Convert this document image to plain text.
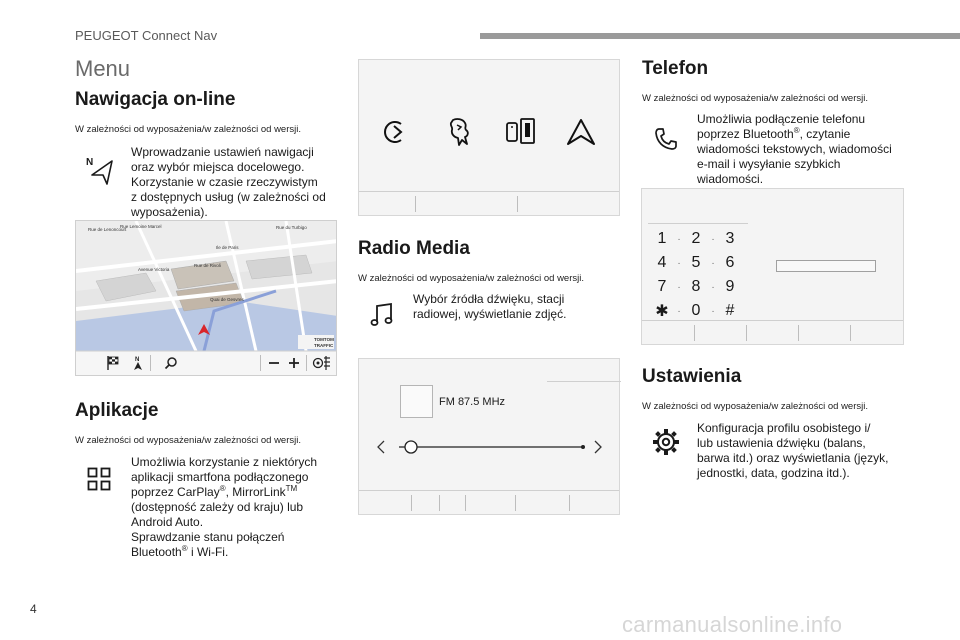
PEUGEOT Connect Nav
Menu
Nawigacja on-line
W zależności od wyposażenia/w zależności od wersji.
N
Wprowadzanie ustawień nawigacji
oraz wybór miejsca docelowego.
Korzystanie w czasie rzeczywistym
z dostępnych usług (w zależności od
wyposażenia).
Rue de Lenoncourt
Rue Lemoine Marcel	Rue du Turbigo
Rue de Rivoli
Avenue Victoria
Quai de Gesvres
Ile de Paris
TOMTOM
TRAFFIC
N
Aplikacje
W zależności od wyposażenia/w zależności od wersji.
Umożliwia korzystanie z niektórych
aplikacji smartfona podłączonego
poprzez CarPlay®, MirrorLink™
(dostępność zależy od kraju) lub
Android Auto.
Sprawdzanie stanu połączeń
Bluetooth® i Wi-Fi.
Radio Media
W zależności od wyposażenia/w zależności od wersji.
Wybór źródła dźwięku, stacji
radiowej, wyświetlanie zdjęć.
FM 87.5 MHz
Telefon
W zależności od wyposażenia/w zależności od wersji.
Umożliwia podłączenie telefonu
poprzez Bluetooth®, czytanie
wiadomości tekstowych, wiadomości
e-mail i wysyłanie szybkich
wiadomości.
1	· 2	· 3
4	· 5	· 6
7	· 8	· 9
✱ · 0	· #
Ustawienia
W zależności od wyposażenia/w zależności od wersji.
Konfiguracja profilu osobistego i/
lub ustawienia dźwięku (balans,
barwa itd.) oraz wyświetlania (język,
jednostki, data, godzina itd.).
4
carmanualsonline.info
